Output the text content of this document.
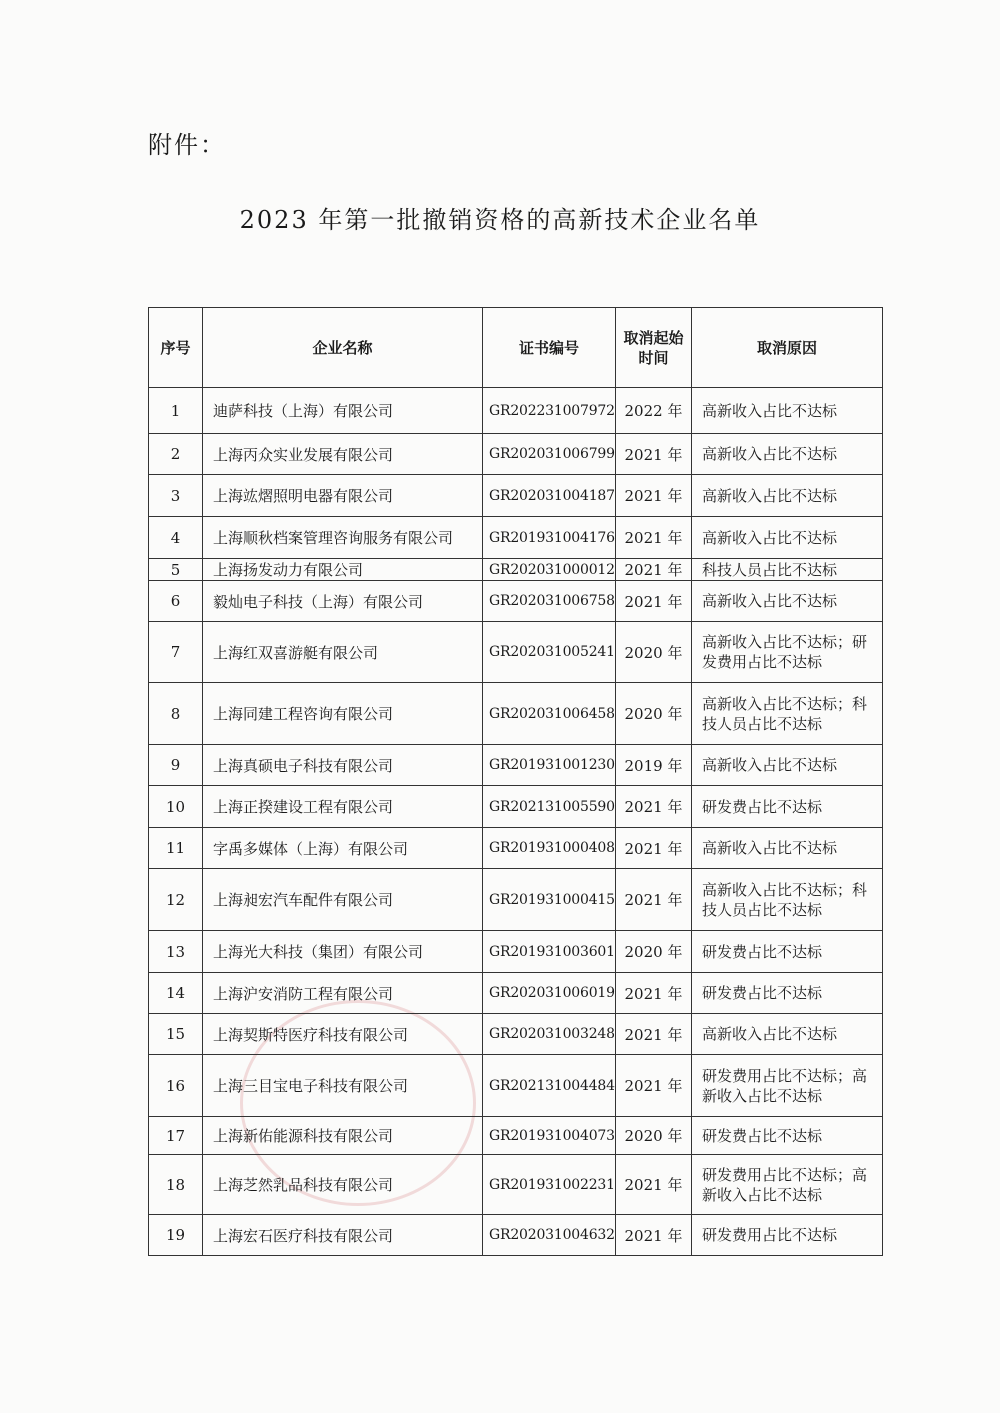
附件：
2023 年第一批撤销资格的高新技术企业名单
序号	企业名称	证书编号	取消起始时间	取消原因
1	迪萨科技（上海）有限公司	GR202231007972	2022 年	高新收入占比不达标
2	上海丙众实业发展有限公司	GR202031006799	2021 年	高新收入占比不达标
3	上海竑熠照明电器有限公司	GR202031004187	2021 年	高新收入占比不达标
4	上海顺秋档案管理咨询服务有限公司	GR201931004176	2021 年	高新收入占比不达标
5	上海扬发动力有限公司	GR202031000012	2021 年	科技人员占比不达标
6	毅灿电子科技（上海）有限公司	GR202031006758	2021 年	高新收入占比不达标
7	上海红双喜游艇有限公司	GR202031005241	2020 年	高新收入占比不达标；研发费用占比不达标
8	上海同建工程咨询有限公司	GR202031006458	2020 年	高新收入占比不达标；科技人员占比不达标
9	上海真硕电子科技有限公司	GR201931001230	2019 年	高新收入占比不达标
10	上海正揆建设工程有限公司	GR202131005590	2021 年	研发费占比不达标
11	字禹多媒体（上海）有限公司	GR201931000408	2021 年	高新收入占比不达标
12	上海昶宏汽车配件有限公司	GR201931000415	2021 年	高新收入占比不达标；科技人员占比不达标
13	上海光大科技（集团）有限公司	GR201931003601	2020 年	研发费占比不达标
14	上海沪安消防工程有限公司	GR202031006019	2021 年	研发费占比不达标
15	上海契斯特医疗科技有限公司	GR202031003248	2021 年	高新收入占比不达标
16	上海三目宝电子科技有限公司	GR202131004484	2021 年	研发费用占比不达标；高新收入占比不达标
17	上海新佑能源科技有限公司	GR201931004073	2020 年	研发费占比不达标
18	上海芝然乳品科技有限公司	GR201931002231	2021 年	研发费用占比不达标；高新收入占比不达标
19	上海宏石医疗科技有限公司	GR202031004632	2021 年	研发费用占比不达标
